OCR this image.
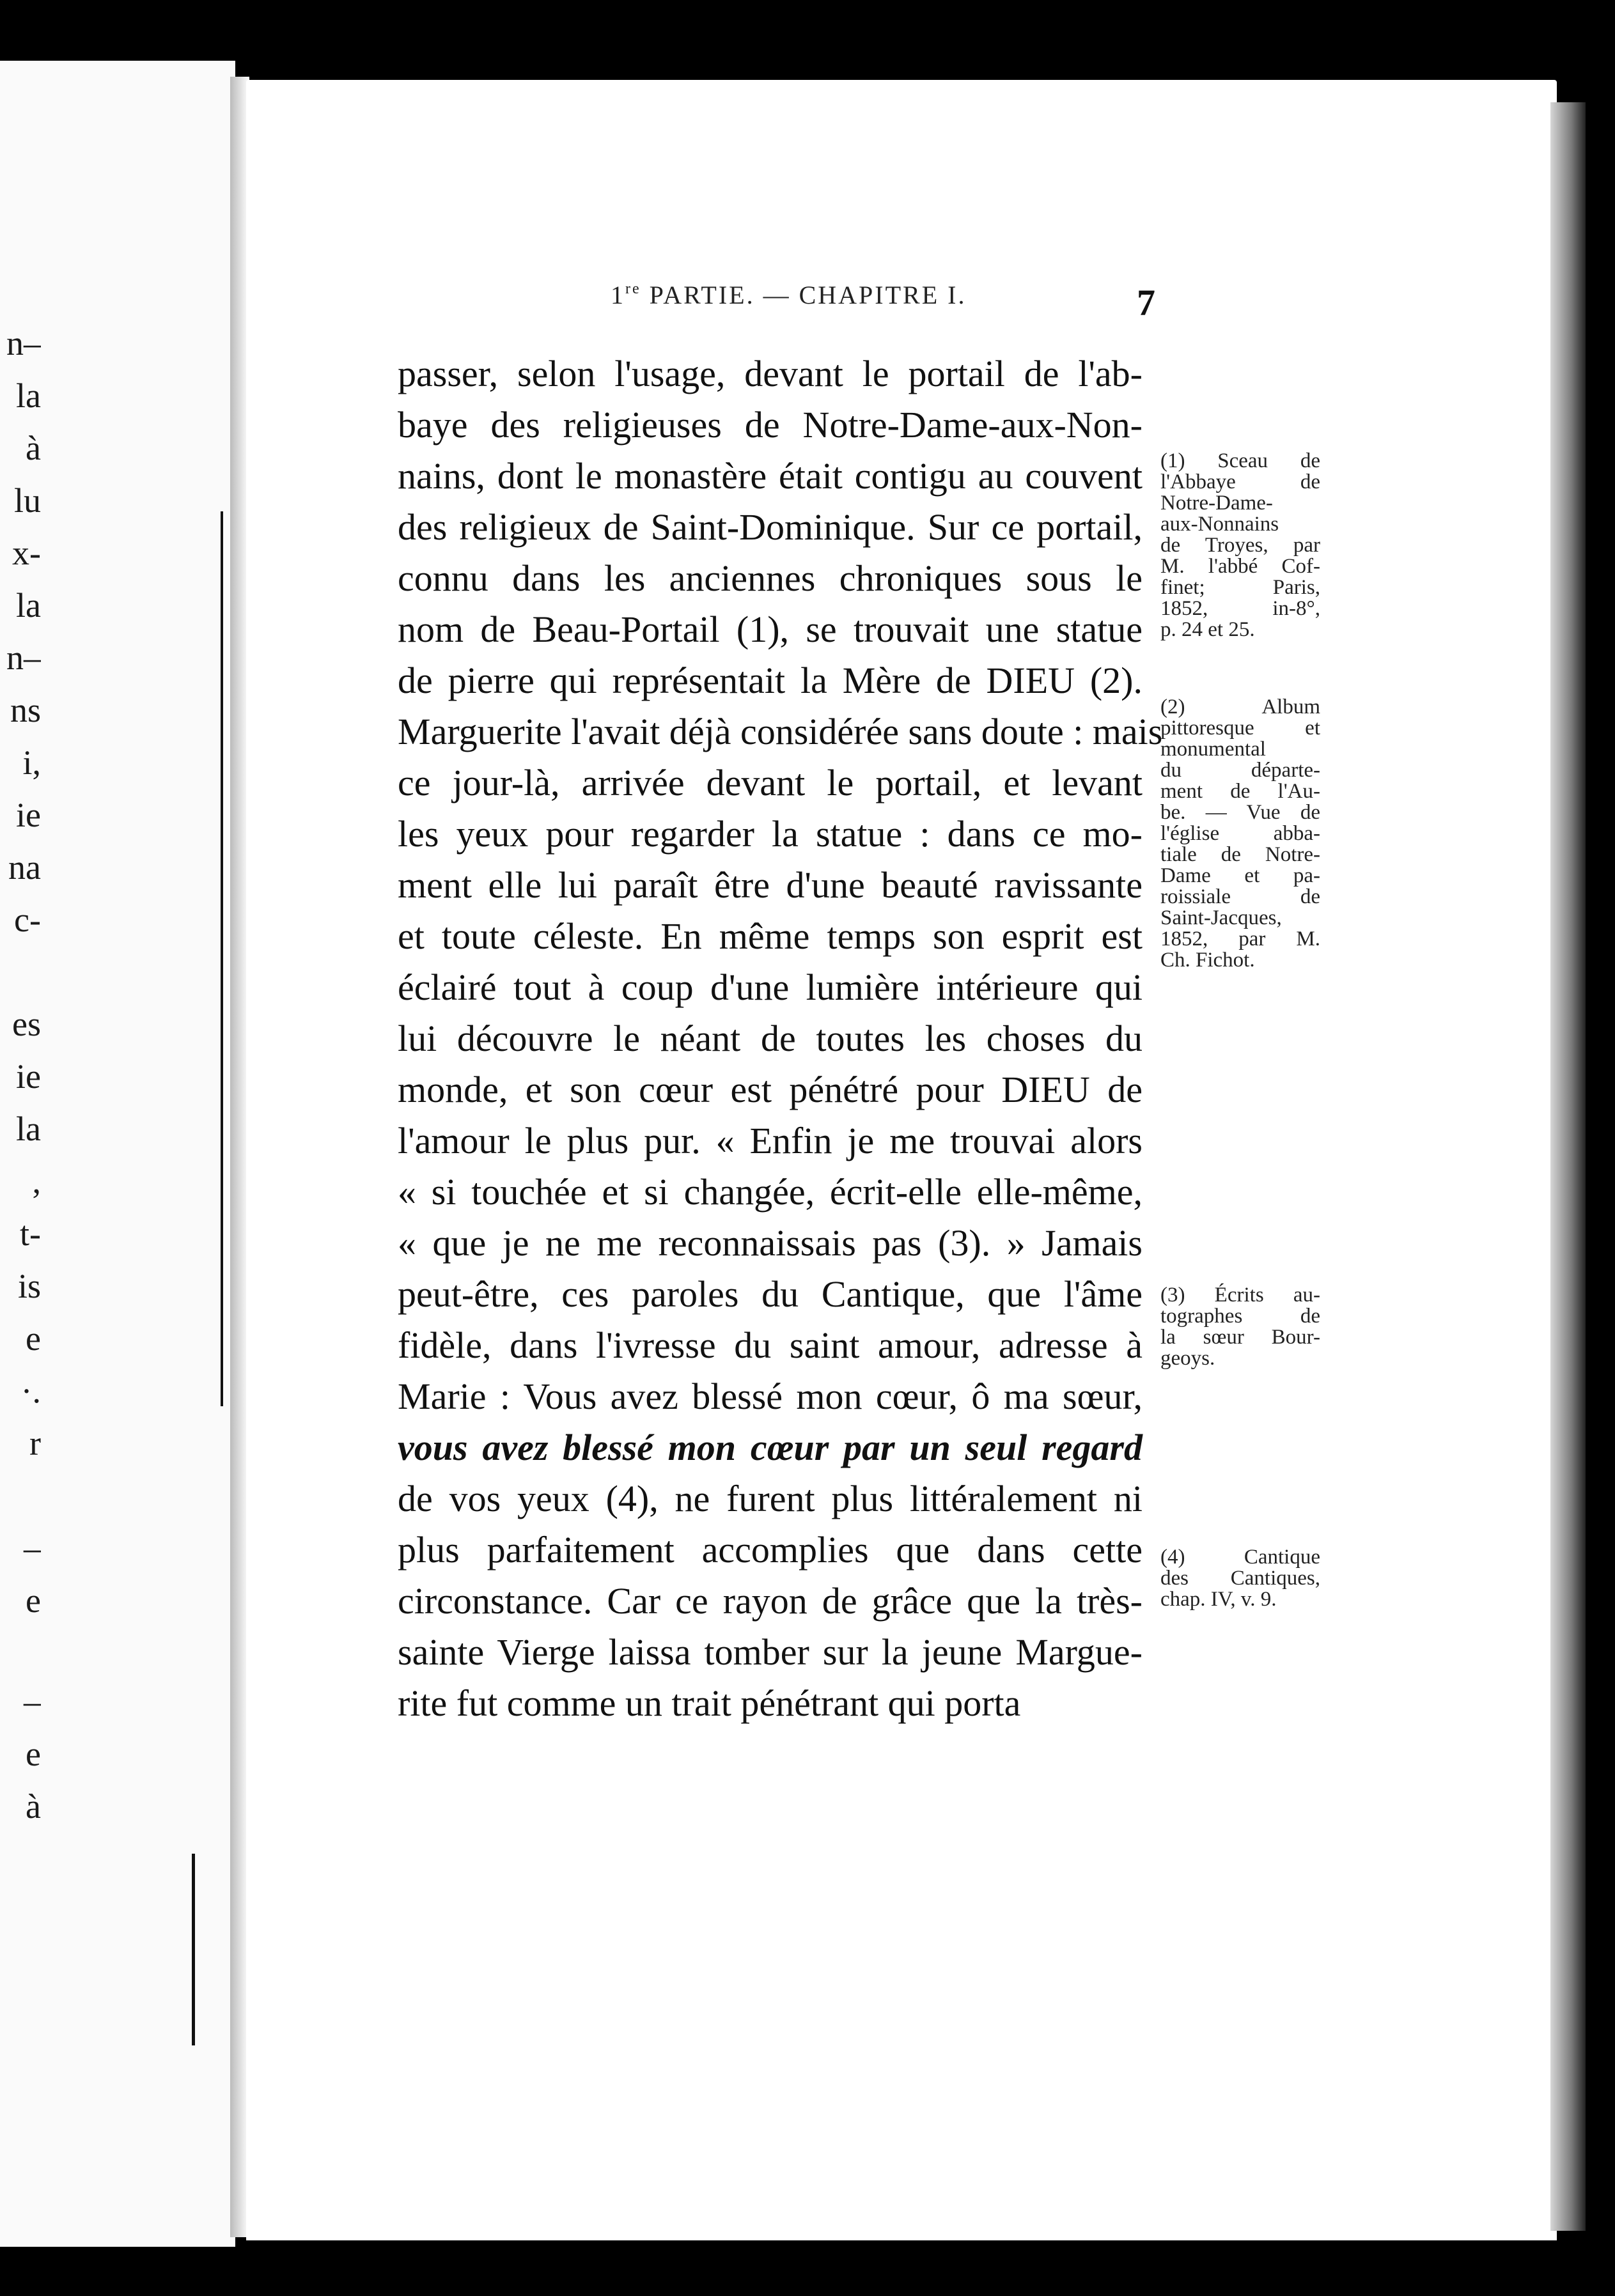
n–
la
à
lu
x-
la
n–
ns
i,
ie
na
c-
es
ie
la
,
t-
is
e
·.
r
–
e
–
e
à
1re PARTIE. — CHAPITRE I.	7
passer, selon l'usage, devant le portail de l'ab-
baye des religieuses de Notre-Dame-aux-Non-
nains, dont le monastère était contigu au couvent
des religieux de Saint-Dominique. Sur ce portail,
connu dans les anciennes chroniques sous le
nom de Beau-Portail (1), se trouvait une statue
de pierre qui représentait la Mère de DIEU (2).
Marguerite l'avait déjà considérée sans doute : mais
ce jour-là, arrivée devant le portail, et levant
les yeux pour regarder la statue : dans ce mo-
ment elle lui paraît être d'une beauté ravissante
et toute céleste. En même temps son esprit est
éclairé tout à coup d'une lumière intérieure qui
lui découvre le néant de toutes les choses du
monde, et son cœur est pénétré pour DIEU de
l'amour le plus pur. « Enfin je me trouvai alors
« si touchée et si changée, écrit-elle elle-même,
« que je ne me reconnaissais pas (3). » Jamais
peut-être, ces paroles du Cantique, que l'âme
fidèle, dans l'ivresse du saint amour, adresse à
Marie : Vous avez blessé mon cœur, ô ma sœur,
vous avez blessé mon cœur par un seul regard
de vos yeux (4), ne furent plus littéralement ni
plus parfaitement accomplies que dans cette
circonstance. Car ce rayon de grâce que la très-
sainte Vierge laissa tomber sur la jeune Margue-
rite fut comme un trait pénétrant qui porta
(1) Sceau de
l'Abbaye de
Notre-Dame-
aux-Nonnains
de Troyes, par
M. l'abbé Cof-
finet; Paris,
1852, in-8°,
p. 24 et 25.
(2) Album
pittoresque et
monumental
du départe-
ment de l'Au-
be. — Vue de
l'église abba-
tiale de Notre-
Dame et pa-
roissiale de
Saint-Jacques,
1852, par M.
Ch. Fichot.
(3) Écrits au-
tographes de
la sœur Bour-
geoys.
(4) Cantique
des Cantiques,
chap. IV, v. 9.
